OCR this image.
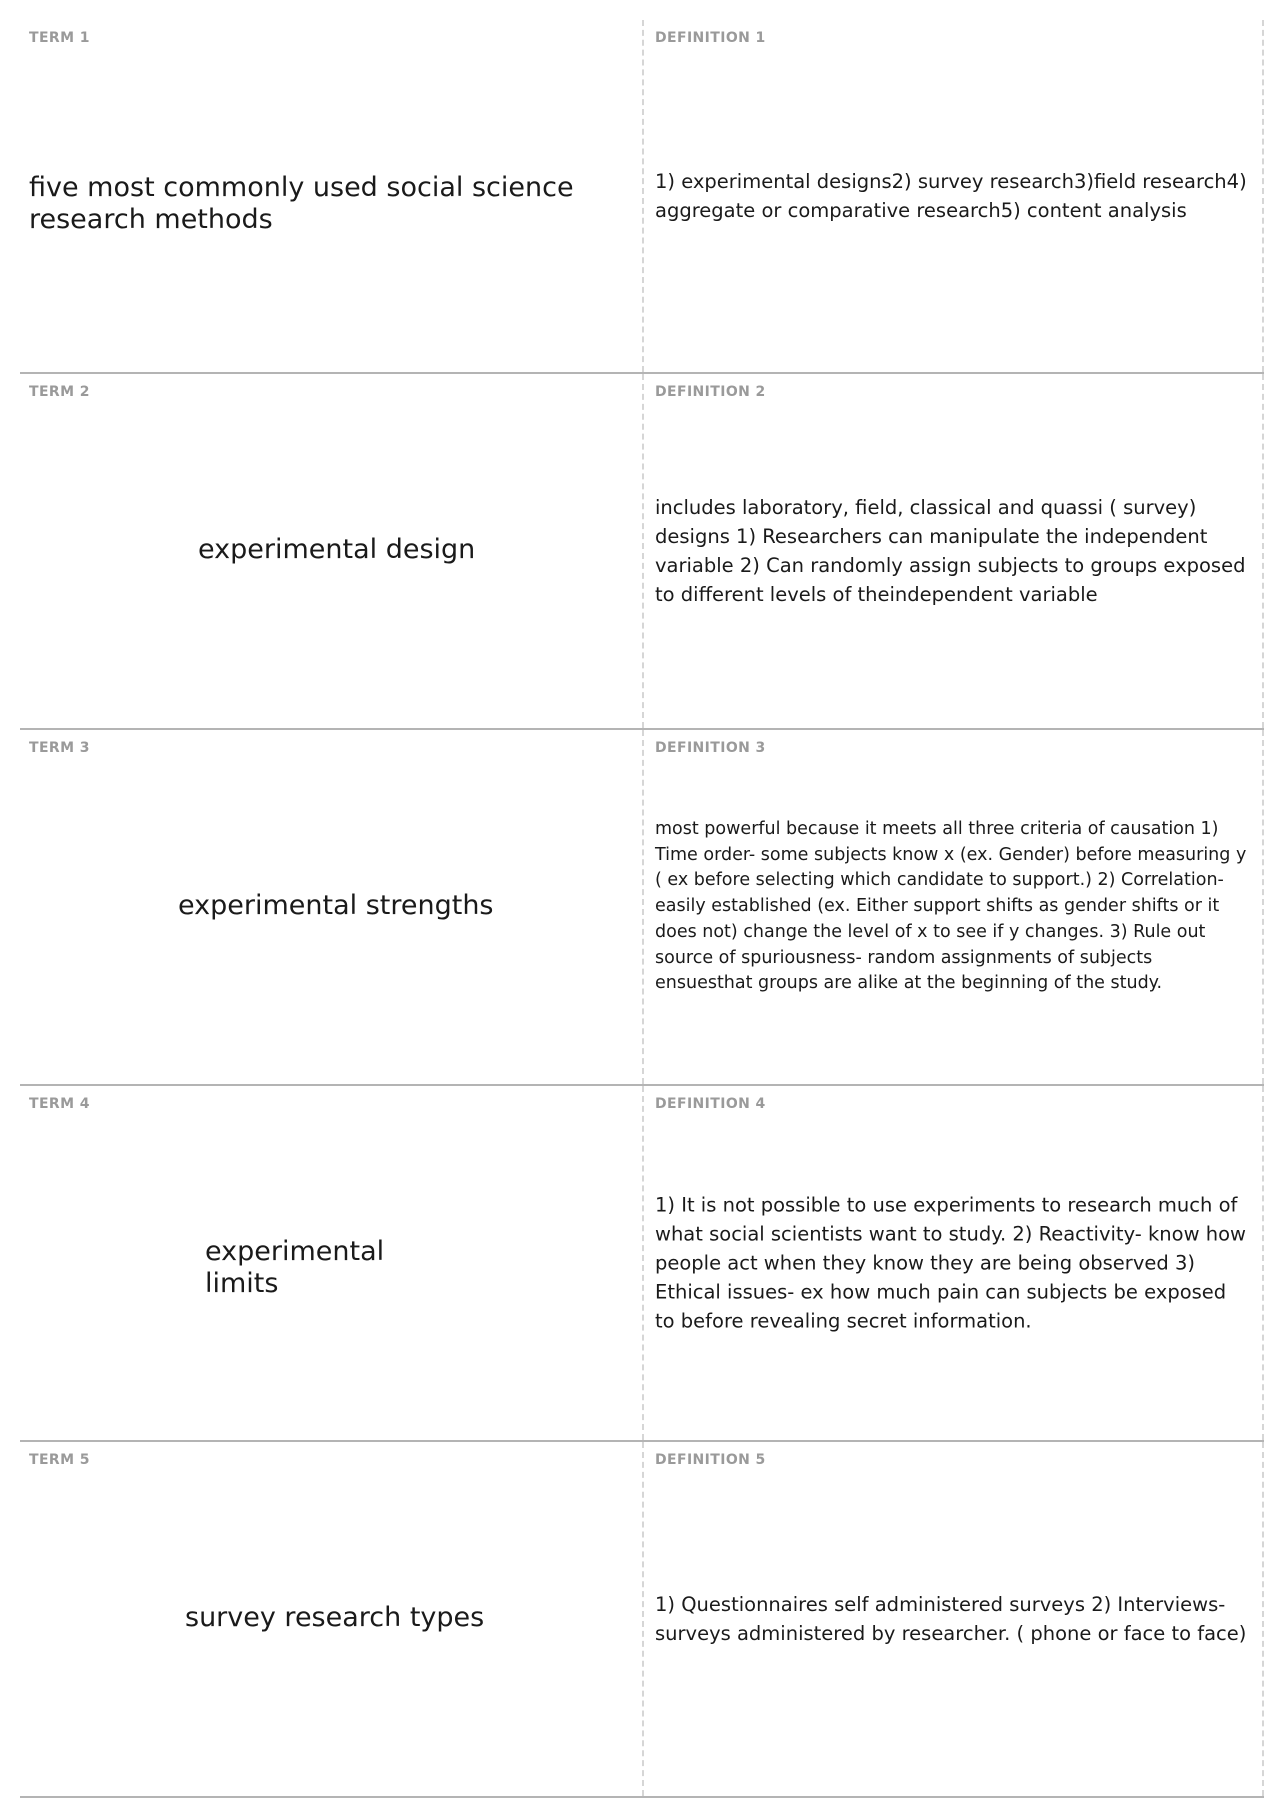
TERM 1
five most commonly used social science research methods
DEFINITION 1
1) experimental designs2) survey research3)field research4) aggregate or comparative research5) content analysis
TERM 2
experimental design
DEFINITION 2
includes laboratory, field, classical and quassi ( survey) designs 1) Researchers can manipulate the independent variable 2) Can randomly assign subjects to groups exposed to different levels of theindependent variable
TERM 3
experimental strengths
DEFINITION 3
most powerful because it meets all three criteria of causation 1) Time order- some subjects know x (ex. Gender) before measuring y ( ex before selecting which candidate to support.) 2) Correlation- easily established (ex. Either support shifts as gender shifts or it does not) change the level of x to see if y changes. 3) Rule out source of spuriousness- random assignments of subjects ensuesthat groups are alike at the beginning of the study.
TERM 4
experimental limits
DEFINITION 4
1) It is not possible to use experiments to research much of what social scientists want to study. 2) Reactivity- know how people act when they know they are being observed 3) Ethical issues- ex how much pain can subjects be exposed to before revealing secret information.
TERM 5
survey research types
DEFINITION 5
1) Questionnaires self administered surveys 2) Interviews- surveys administered by researcher. ( phone or face to face)
